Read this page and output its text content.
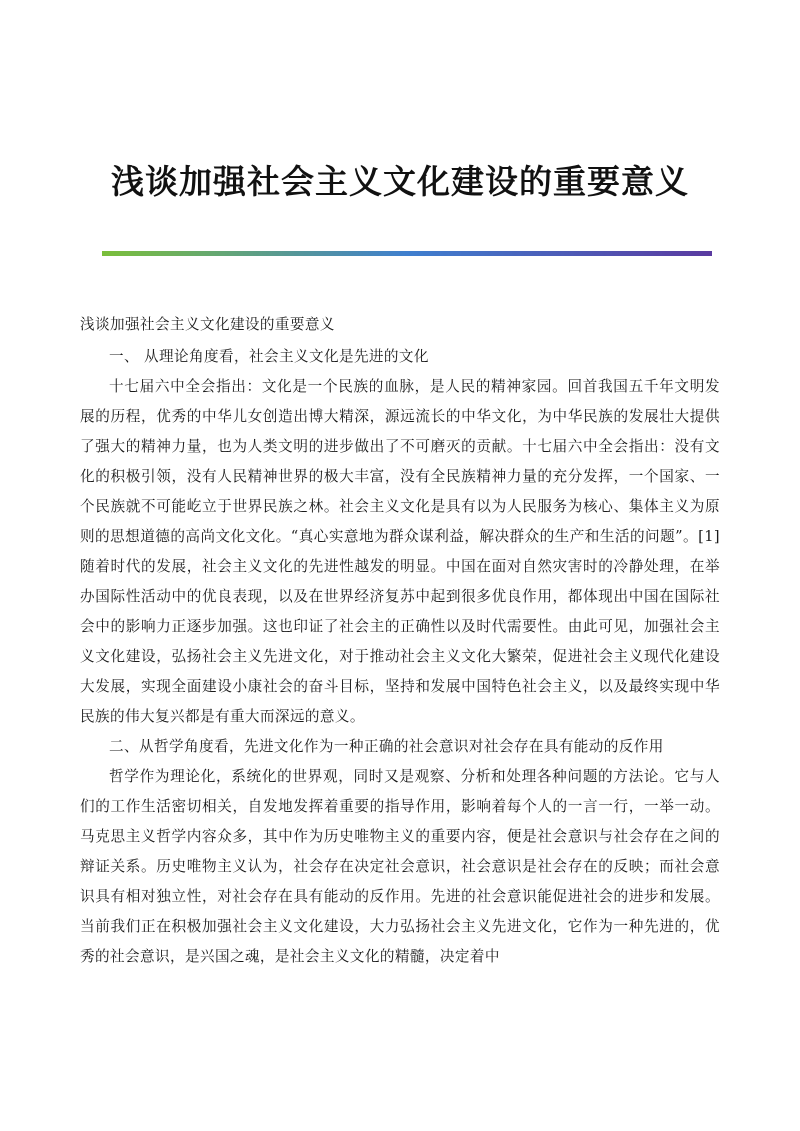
浅谈加强社会主义文化建设的重要意义

浅谈加强社会主义文化建设的重要意义

一、 从理论角度看，社会主义文化是先进的文化

十七届六中全会指出：文化是一个民族的血脉，是人民的精神家园。回首我国五千年文明发展的历程，优秀的中华儿女创造出博大精深，源远流长的中华文化，为中华民族的发展壮大提供了强大的精神力量，也为人类文明的进步做出了不可磨灭的贡献。十七届六中全会指出：没有文化的积极引领，没有人民精神世界的极大丰富，没有全民族精神力量的充分发挥，一个国家、一个民族就不可能屹立于世界民族之林。社会主义文化是具有以为人民服务为核心、集体主义为原则的思想道德的高尚文化文化。“真心实意地为群众谋利益，解决群众的生产和生活的问题”。[1]随着时代的发展，社会主义文化的先进性越发的明显。中国在面对自然灾害时的冷静处理，在举办国际性活动中的优良表现，以及在世界经济复苏中起到很多优良作用，都体现出中国在国际社会中的影响力正逐步加强。这也印证了社会主的正确性以及时代需要性。由此可见，加强社会主义文化建设，弘扬社会主义先进文化，对于推动社会主义文化大繁荣，促进社会主义现代化建设大发展，实现全面建设小康社会的奋斗目标，坚持和发展中国特色社会主义，以及最终实现中华民族的伟大复兴都是有重大而深远的意义。

二、从哲学角度看，先进文化作为一种正确的社会意识对社会存在具有能动的反作用

哲学作为理论化，系统化的世界观，同时又是观察、分析和处理各种问题的方法论。它与人们的工作生活密切相关，自发地发挥着重要的指导作用，影响着每个人的一言一行，一举一动。马克思主义哲学内容众多，其中作为历史唯物主义的重要内容，便是社会意识与社会存在之间的辩证关系。历史唯物主义认为，社会存在决定社会意识，社会意识是社会存在的反映；而社会意识具有相对独立性，对社会存在具有能动的反作用。先进的社会意识能促进社会的进步和发展。当前我们正在积极加强社会主义文化建设，大力弘扬社会主义先进文化，它作为一种先进的，优秀的社会意识，是兴国之魂，是社会主义文化的精髓，决定着中
